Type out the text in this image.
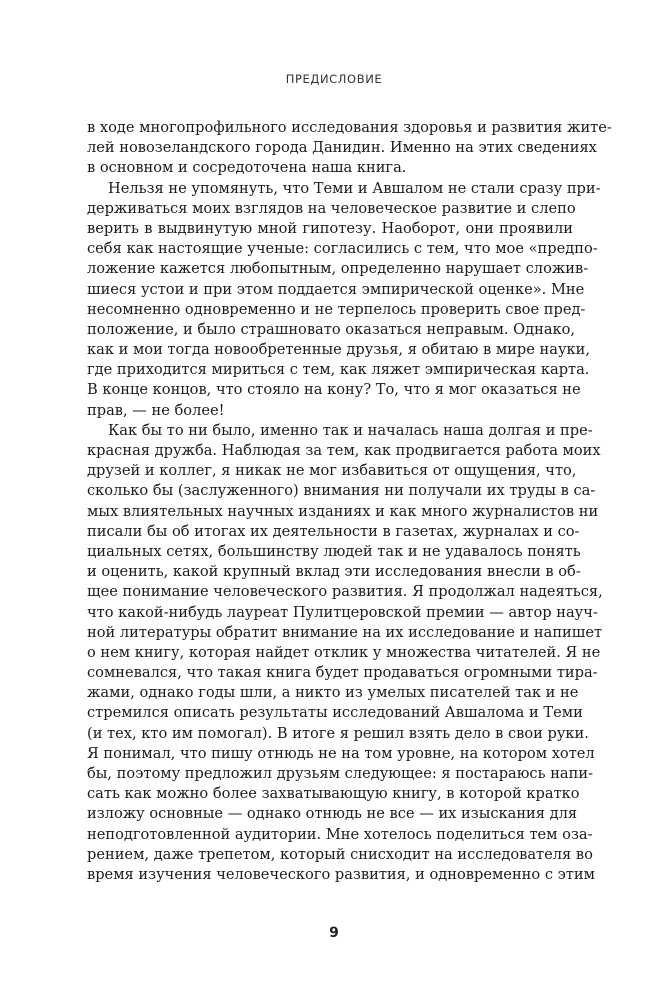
ПРЕДИСЛОВИЕ
в ходе многопрофильного исследования здоровья и развития жите-
лей новозеландского города Данидин. Именно на этих сведениях
в основном и сосредоточена наша книга.
Нельзя не упомянуть, что Теми и Авшалом не стали сразу при-
держиваться моих взглядов на человеческое развитие и слепо
верить в выдвинутую мной гипотезу. Наоборот, они проявили
себя как настоящие ученые: согласились с тем, что мое «предпо-
ложение кажется любопытным, определенно нарушает сложив-
шиеся устои и при этом поддается эмпирической оценке». Мне
несомненно одновременно и не терпелось проверить свое пред-
положение, и было страшновато оказаться неправым. Однако,
как и мои тогда новообретенные друзья, я обитаю в мире науки,
где приходится мириться с тем, как ляжет эмпирическая карта.
В конце концов, что стояло на кону? То, что я мог оказаться не
прав, — не более!
Как бы то ни было, именно так и началась наша долгая и пре-
красная дружба. Наблюдая за тем, как продвигается работа моих
друзей и коллег, я никак не мог избавиться от ощущения, что,
сколько бы (заслуженного) внимания ни получали их труды в са-
мых влиятельных научных изданиях и как много журналистов ни
писали бы об итогах их деятельности в газетах, журналах и со-
циальных сетях, большинству людей так и не удавалось понять
и оценить, какой крупный вклад эти исследования внесли в об-
щее понимание человеческого развития. Я продолжал надеяться,
что какой-нибудь лауреат Пулитцеровской премии — автор науч-
ной литературы обратит внимание на их исследование и напишет
о нем книгу, которая найдет отклик у множества читателей. Я не
сомневался, что такая книга будет продаваться огромными тира-
жами, однако годы шли, а никто из умелых писателей так и не
стремился описать результаты исследований Авшалома и Теми
(и тех, кто им помогал). В итоге я решил взять дело в свои руки.
Я понимал, что пишу отнюдь не на том уровне, на котором хотел
бы, поэтому предложил друзьям следующее: я постараюсь напи-
сать как можно более захватывающую книгу, в которой кратко
изложу основные — однако отнюдь не все — их изыскания для
неподготовленной аудитории. Мне хотелось поделиться тем оза-
рением, даже трепетом, который снисходит на исследователя во
время изучения человеческого развития, и одновременно с этим
9
